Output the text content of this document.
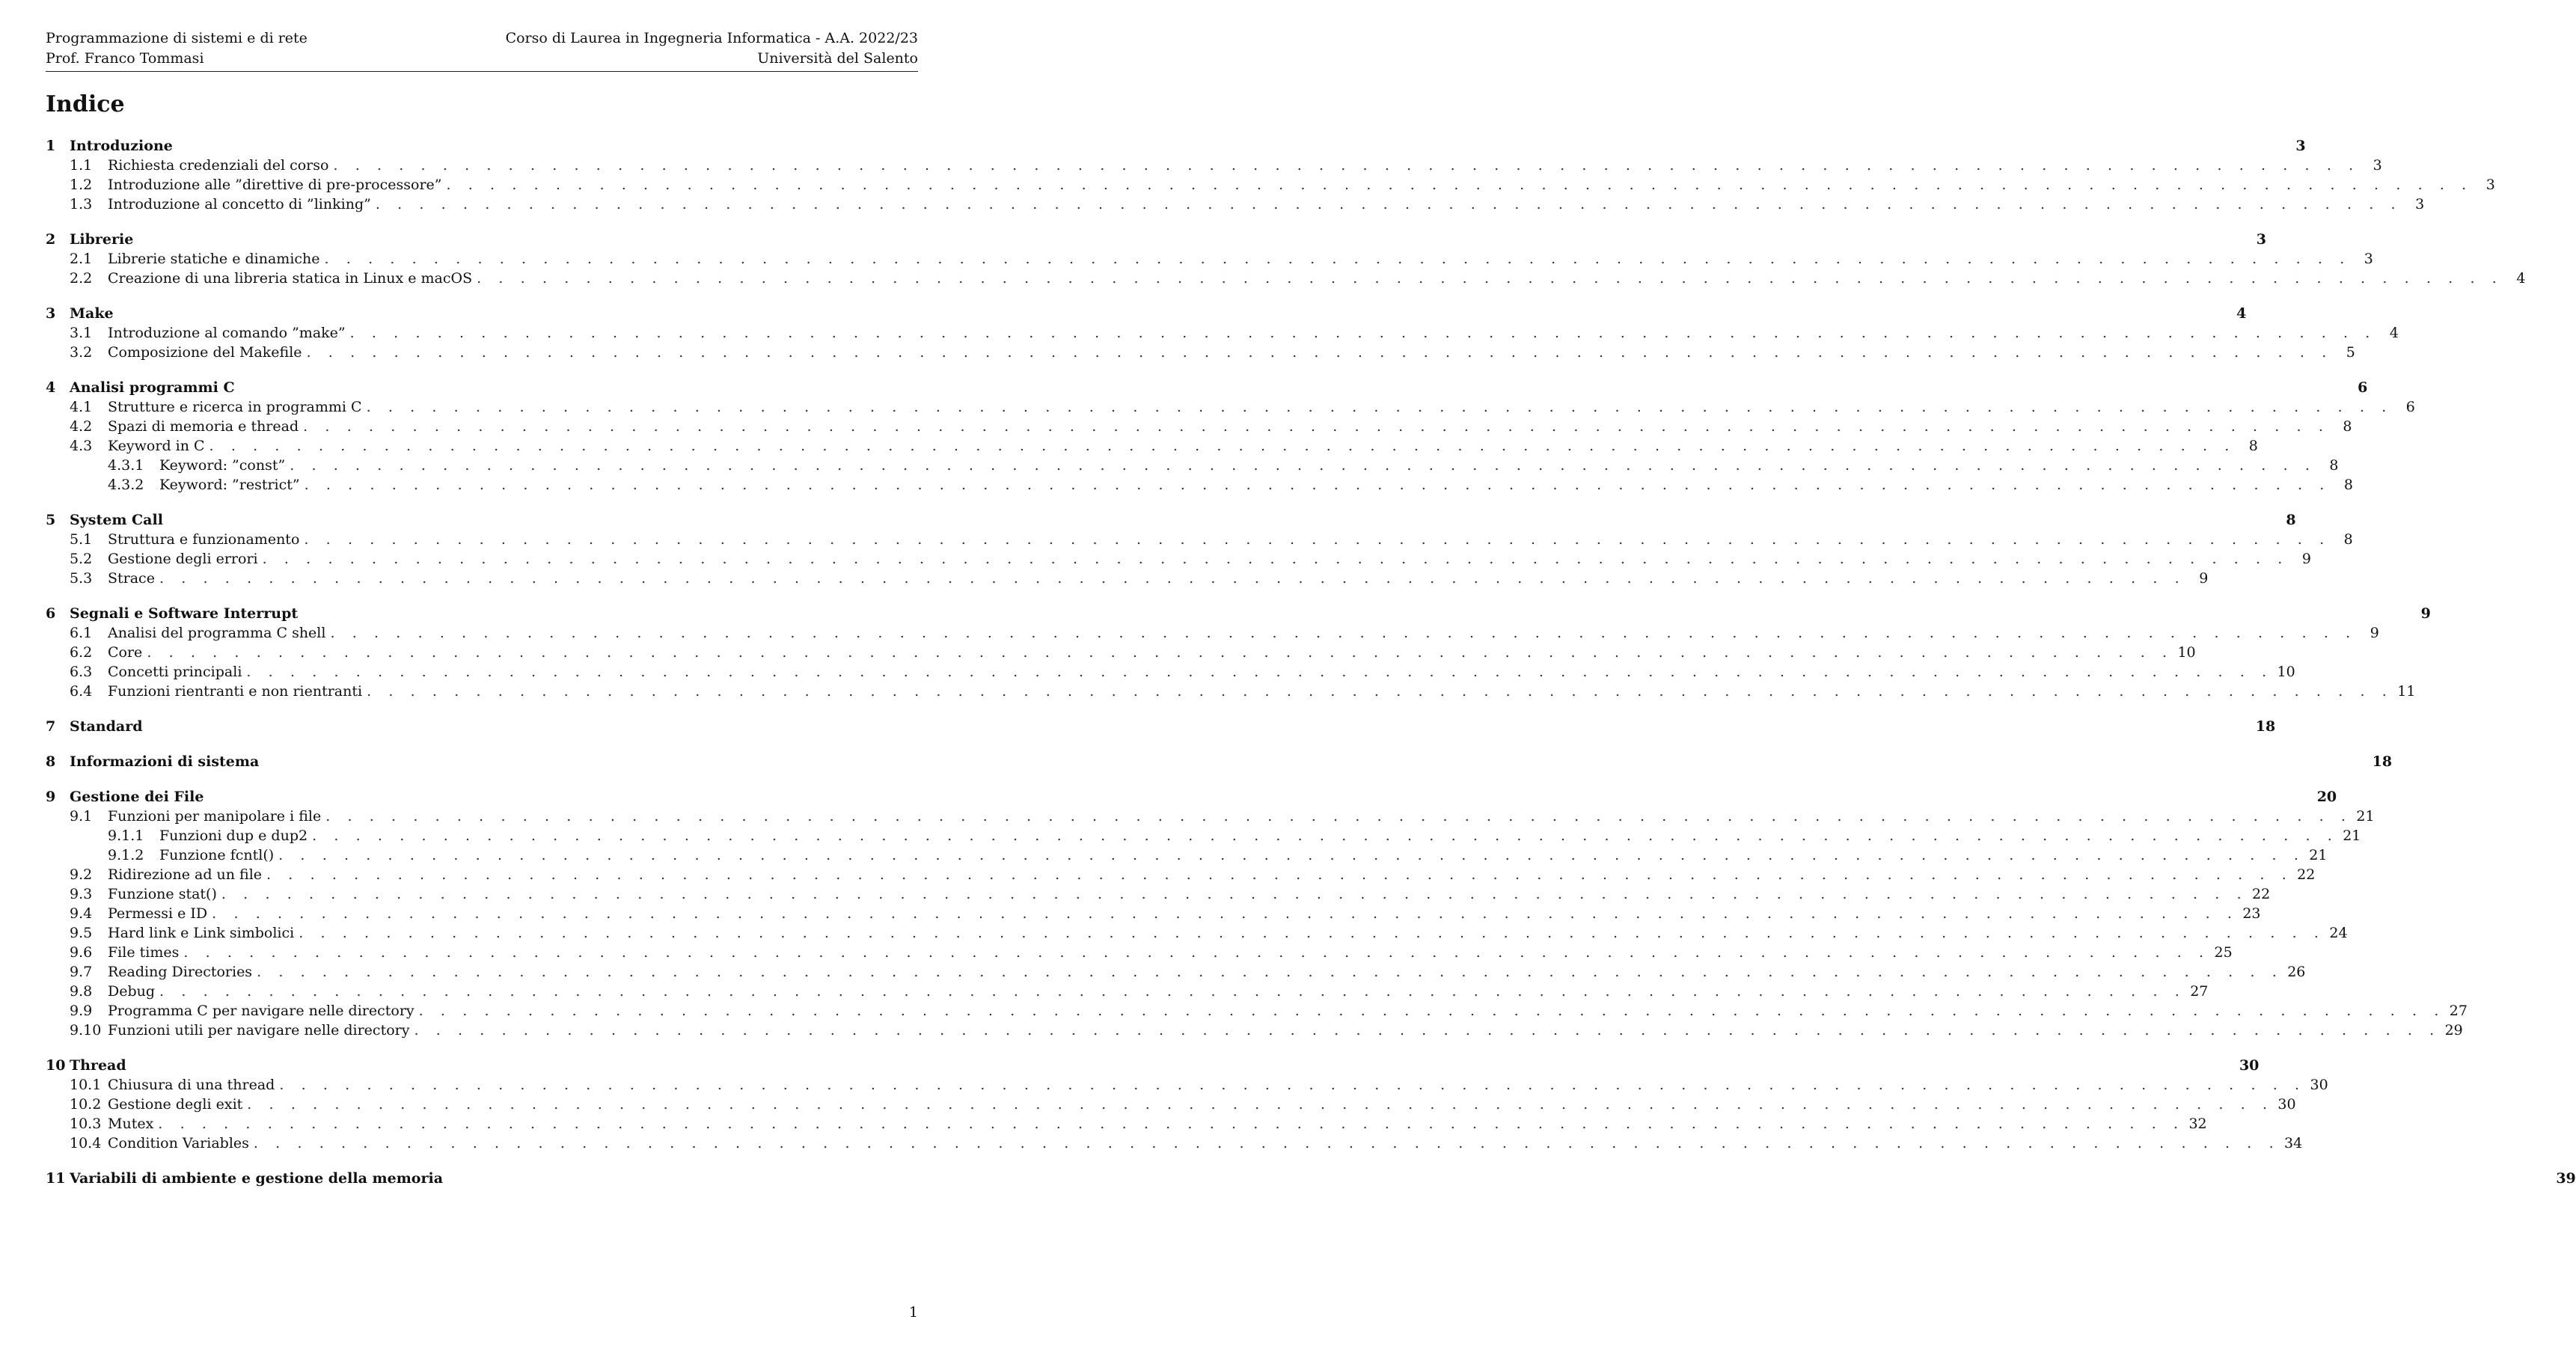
Programmazione di sistemi e di rete
Prof. Franco Tommasi
Corso di Laurea in Ingegneria Informatica - A.A. 2022/23
Università del Salento
Indice
1 Introduzione	3
1.1	Richiesta credenziali del corso . . . . . . . . . . . . . . . . . . . . . . . . . . . . . . . . . . . . . . . . . . . . . . . . . . . . . . . . . . . . . . . . . . . . . . . . . . . . . . . . . . . . . . . . . . . . . 3
1.2	Introduzione alle ”direttive di pre-processore” . . . . . . . . . . . . . . . . . . . . . . . . . . . . . . . . . . . . . . . . . . . . . . . . . . . . . . . . . . . . . . . . . . . . . . . . . . . . . . . . . . . . . . . . . . . . . 3
1.3	Introduzione al concetto di ”linking” . . . . . . . . . . . . . . . . . . . . . . . . . . . . . . . . . . . . . . . . . . . . . . . . . . . . . . . . . . . . . . . . . . . . . . . . . . . . . . . . . . . . . . . . . . . . . 3
2 Librerie	3
2.1	Librerie statiche e dinamiche . . . . . . . . . . . . . . . . . . . . . . . . . . . . . . . . . . . . . . . . . . . . . . . . . . . . . . . . . . . . . . . . . . . . . . . . . . . . . . . . . . . . . . . . . . . . . 3
2.2	Creazione di una libreria statica in Linux e macOS . . . . . . . . . . . . . . . . . . . . . . . . . . . . . . . . . . . . . . . . . . . . . . . . . . . . . . . . . . . . . . . . . . . . . . . . . . . . . . . . . . . . . . . . . . . . . 4
3 Make	4
3.1	Introduzione al comando ”make” . . . . . . . . . . . . . . . . . . . . . . . . . . . . . . . . . . . . . . . . . . . . . . . . . . . . . . . . . . . . . . . . . . . . . . . . . . . . . . . . . . . . . . . . . . . . . 4
3.2	Composizione del Makefile . . . . . . . . . . . . . . . . . . . . . . . . . . . . . . . . . . . . . . . . . . . . . . . . . . . . . . . . . . . . . . . . . . . . . . . . . . . . . . . . . . . . . . . . . . . . . 5
4 Analisi programmi C	6
4.1	Strutture e ricerca in programmi C . . . . . . . . . . . . . . . . . . . . . . . . . . . . . . . . . . . . . . . . . . . . . . . . . . . . . . . . . . . . . . . . . . . . . . . . . . . . . . . . . . . . . . . . . . . . . 6
4.2	Spazi di memoria e thread . . . . . . . . . . . . . . . . . . . . . . . . . . . . . . . . . . . . . . . . . . . . . . . . . . . . . . . . . . . . . . . . . . . . . . . . . . . . . . . . . . . . . . . . . . . . . 8
4.3	Keyword in C . . . . . . . . . . . . . . . . . . . . . . . . . . . . . . . . . . . . . . . . . . . . . . . . . . . . . . . . . . . . . . . . . . . . . . . . . . . . . . . . . . . . . . . . . . . . . 8
4.3.1	Keyword: ”const” . . . . . . . . . . . . . . . . . . . . . . . . . . . . . . . . . . . . . . . . . . . . . . . . . . . . . . . . . . . . . . . . . . . . . . . . . . . . . . . . . . . . . . . . . . . . . 8
4.3.2	Keyword: ”restrict” . . . . . . . . . . . . . . . . . . . . . . . . . . . . . . . . . . . . . . . . . . . . . . . . . . . . . . . . . . . . . . . . . . . . . . . . . . . . . . . . . . . . . . . . . . . . . 8
5 System Call	8
5.1	Struttura e funzionamento . . . . . . . . . . . . . . . . . . . . . . . . . . . . . . . . . . . . . . . . . . . . . . . . . . . . . . . . . . . . . . . . . . . . . . . . . . . . . . . . . . . . . . . . . . . . . 8
5.2	Gestione degli errori . . . . . . . . . . . . . . . . . . . . . . . . . . . . . . . . . . . . . . . . . . . . . . . . . . . . . . . . . . . . . . . . . . . . . . . . . . . . . . . . . . . . . . . . . . . . . 9
5.3	Strace . . . . . . . . . . . . . . . . . . . . . . . . . . . . . . . . . . . . . . . . . . . . . . . . . . . . . . . . . . . . . . . . . . . . . . . . . . . . . . . . . . . . . . . . . . . . . 9
6 Segnali e Software Interrupt	9
6.1	Analisi del programma C shell . . . . . . . . . . . . . . . . . . . . . . . . . . . . . . . . . . . . . . . . . . . . . . . . . . . . . . . . . . . . . . . . . . . . . . . . . . . . . . . . . . . . . . . . . . . . . 9
6.2	Core . . . . . . . . . . . . . . . . . . . . . . . . . . . . . . . . . . . . . . . . . . . . . . . . . . . . . . . . . . . . . . . . . . . . . . . . . . . . . . . . . . . . . . . . . . . . . 10
6.3	Concetti principali . . . . . . . . . . . . . . . . . . . . . . . . . . . . . . . . . . . . . . . . . . . . . . . . . . . . . . . . . . . . . . . . . . . . . . . . . . . . . . . . . . . . . . . . . . . . . 10
6.4	Funzioni rientranti e non rientranti . . . . . . . . . . . . . . . . . . . . . . . . . . . . . . . . . . . . . . . . . . . . . . . . . . . . . . . . . . . . . . . . . . . . . . . . . . . . . . . . . . . . . . . . . . . . . 11
7 Standard	18
8 Informazioni di sistema	18
9 Gestione dei File	20
9.1	Funzioni per manipolare i file . . . . . . . . . . . . . . . . . . . . . . . . . . . . . . . . . . . . . . . . . . . . . . . . . . . . . . . . . . . . . . . . . . . . . . . . . . . . . . . . . . . . . . . . . . . . . 21
9.1.1	Funzioni dup e dup2 . . . . . . . . . . . . . . . . . . . . . . . . . . . . . . . . . . . . . . . . . . . . . . . . . . . . . . . . . . . . . . . . . . . . . . . . . . . . . . . . . . . . . . . . . . . . . 21
9.1.2	Funzione fcntl() . . . . . . . . . . . . . . . . . . . . . . . . . . . . . . . . . . . . . . . . . . . . . . . . . . . . . . . . . . . . . . . . . . . . . . . . . . . . . . . . . . . . . . . . . . . . . 21
9.2	Ridirezione ad un file . . . . . . . . . . . . . . . . . . . . . . . . . . . . . . . . . . . . . . . . . . . . . . . . . . . . . . . . . . . . . . . . . . . . . . . . . . . . . . . . . . . . . . . . . . . . . 22
9.3	Funzione stat() . . . . . . . . . . . . . . . . . . . . . . . . . . . . . . . . . . . . . . . . . . . . . . . . . . . . . . . . . . . . . . . . . . . . . . . . . . . . . . . . . . . . . . . . . . . . . 22
9.4	Permessi e ID . . . . . . . . . . . . . . . . . . . . . . . . . . . . . . . . . . . . . . . . . . . . . . . . . . . . . . . . . . . . . . . . . . . . . . . . . . . . . . . . . . . . . . . . . . . . . 23
9.5	Hard link e Link simbolici . . . . . . . . . . . . . . . . . . . . . . . . . . . . . . . . . . . . . . . . . . . . . . . . . . . . . . . . . . . . . . . . . . . . . . . . . . . . . . . . . . . . . . . . . . . . . 24
9.6	File times . . . . . . . . . . . . . . . . . . . . . . . . . . . . . . . . . . . . . . . . . . . . . . . . . . . . . . . . . . . . . . . . . . . . . . . . . . . . . . . . . . . . . . . . . . . . . 25
9.7	Reading Directories . . . . . . . . . . . . . . . . . . . . . . . . . . . . . . . . . . . . . . . . . . . . . . . . . . . . . . . . . . . . . . . . . . . . . . . . . . . . . . . . . . . . . . . . . . . . . 26
9.8	Debug . . . . . . . . . . . . . . . . . . . . . . . . . . . . . . . . . . . . . . . . . . . . . . . . . . . . . . . . . . . . . . . . . . . . . . . . . . . . . . . . . . . . . . . . . . . . . 27
9.9	Programma C per navigare nelle directory . . . . . . . . . . . . . . . . . . . . . . . . . . . . . . . . . . . . . . . . . . . . . . . . . . . . . . . . . . . . . . . . . . . . . . . . . . . . . . . . . . . . . . . . . . . . . 27
9.10 Funzioni utili per navigare nelle directory . . . . . . . . . . . . . . . . . . . . . . . . . . . . . . . . . . . . . . . . . . . . . . . . . . . . . . . . . . . . . . . . . . . . . . . . . . . . . . . . . . . . . . . . . . . . . 29
10 Thread	30
10.1 Chiusura di una thread . . . . . . . . . . . . . . . . . . . . . . . . . . . . . . . . . . . . . . . . . . . . . . . . . . . . . . . . . . . . . . . . . . . . . . . . . . . . . . . . . . . . . . . . . . . . . 30
10.2 Gestione degli exit . . . . . . . . . . . . . . . . . . . . . . . . . . . . . . . . . . . . . . . . . . . . . . . . . . . . . . . . . . . . . . . . . . . . . . . . . . . . . . . . . . . . . . . . . . . . . 30
10.3 Mutex . . . . . . . . . . . . . . . . . . . . . . . . . . . . . . . . . . . . . . . . . . . . . . . . . . . . . . . . . . . . . . . . . . . . . . . . . . . . . . . . . . . . . . . . . . . . . 32
10.4 Condition Variables . . . . . . . . . . . . . . . . . . . . . . . . . . . . . . . . . . . . . . . . . . . . . . . . . . . . . . . . . . . . . . . . . . . . . . . . . . . . . . . . . . . . . . . . . . . . . 34
11 Variabili di ambiente e gestione della memoria	39
1
